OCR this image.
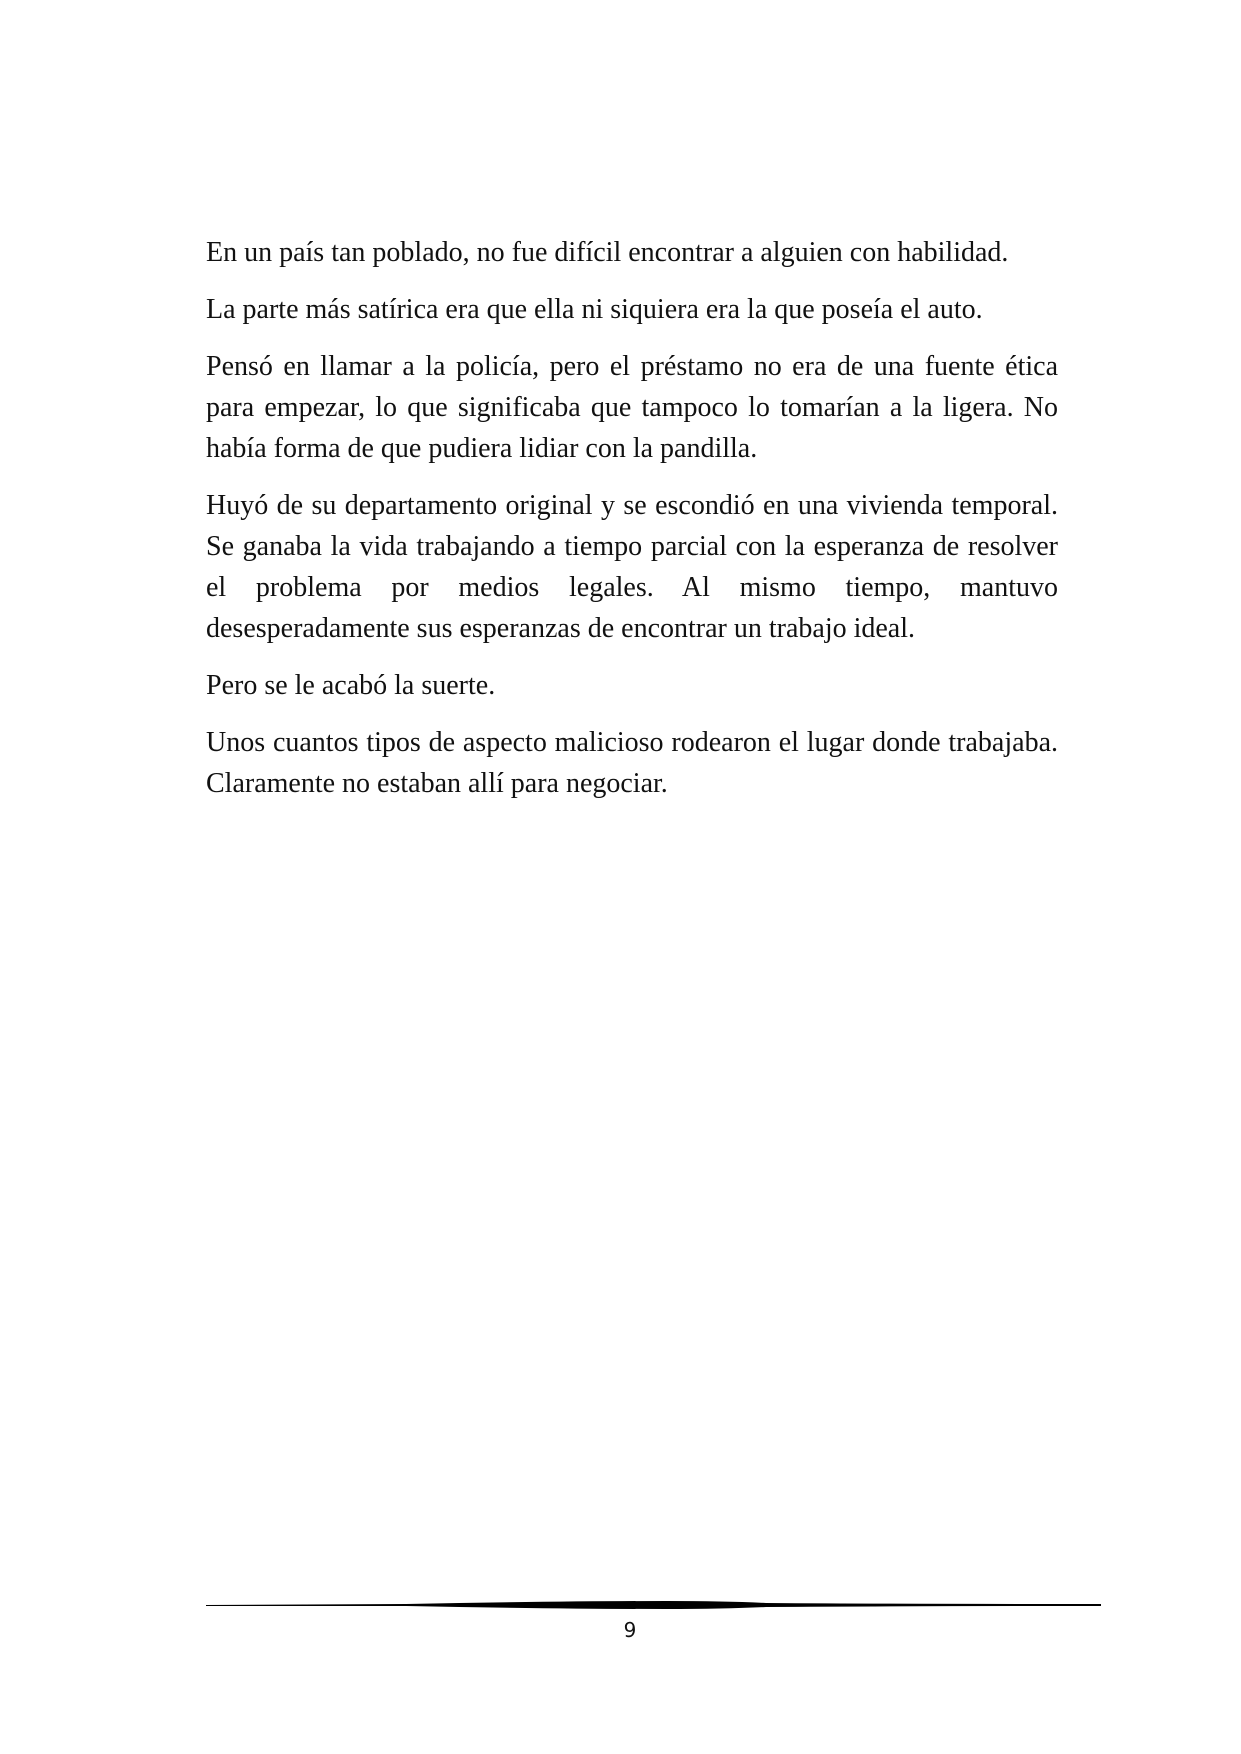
En un país tan poblado, no fue difícil encontrar a alguien con habilidad.

La parte más satírica era que ella ni siquiera era la que poseía el auto.

Pensó en llamar a la policía, pero el préstamo no era de una fuente ética para empezar, lo que significaba que tampoco lo tomarían a la ligera. No había forma de que pudiera lidiar con la pandilla.

Huyó de su departamento original y se escondió en una vivienda temporal. Se ganaba la vida trabajando a tiempo parcial con la esperanza de resolver el problema por medios legales. Al mismo tiempo, mantuvo desesperadamente sus esperanzas de encontrar un trabajo ideal.

Pero se le acabó la suerte.

Unos cuantos tipos de aspecto malicioso rodearon el lugar donde trabajaba. Claramente no estaban allí para negociar.

9
